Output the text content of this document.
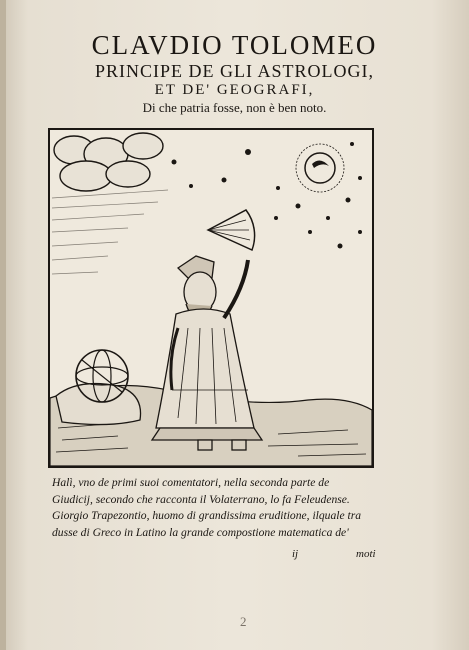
CLAVDIO TOLOMEO
PRINCIPE DE GLI ASTROLOGI,
ET DE' GEOGRAFI,
Di che patria fosse, non è ben noto.
Halì, vno de primi suoi comentatori, nella seconda parte de
Giudicij, secondo che racconta il Volaterrano, lo fa Feleudense.
Giorgio Trapezontio, huomo di grandissima eruditione, ilquale tra
dusse di Greco in Latino la grande compostione matematica de'
ij	moti
2
